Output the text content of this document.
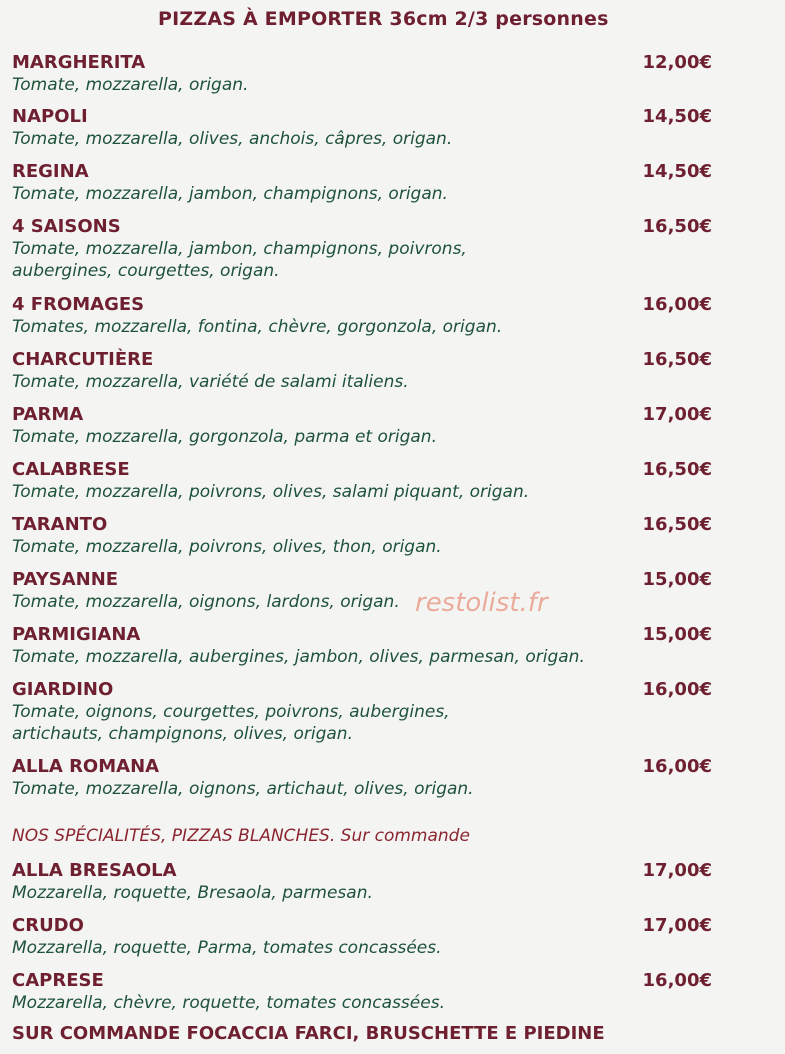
restolist.fr
PIZZAS À EMPORTER 36cm 2/3 personnes
MARGHERITA
Tomate, mozzarella, origan.
12,00€
NAPOLI
Tomate, mozzarella, olives, anchois, câpres, origan.
14,50€
REGINA
Tomate, mozzarella, jambon, champignons, origan.
14,50€
4 SAISONS
Tomate, mozzarella, jambon, champignons, poivrons,
aubergines, courgettes, origan.
16,50€
4 FROMAGES
Tomates, mozzarella, fontina, chèvre, gorgonzola, origan.
16,00€
CHARCUTIÈRE
Tomate, mozzarella, variété de salami italiens.
16,50€
PARMA
Tomate, mozzarella, gorgonzola, parma et origan.
17,00€
CALABRESE
Tomate, mozzarella, poivrons, olives, salami piquant, origan.
16,50€
TARANTO
Tomate, mozzarella, poivrons, olives, thon, origan.
16,50€
PAYSANNE
Tomate, mozzarella, oignons, lardons, origan.
15,00€
PARMIGIANA
Tomate, mozzarella, aubergines, jambon, olives, parmesan, origan.
15,00€
GIARDINO
Tomate, oignons, courgettes, poivrons, aubergines,
artichauts, champignons, olives, origan.
16,00€
ALLA ROMANA
Tomate, mozzarella, oignons, artichaut, olives, origan.
16,00€
NOS SPÉCIALITÉS, PIZZAS BLANCHES. Sur commande
ALLA BRESAOLA
Mozzarella, roquette, Bresaola, parmesan.
17,00€
CRUDO
Mozzarella, roquette, Parma, tomates concassées.
17,00€
CAPRESE
Mozzarella, chèvre, roquette, tomates concassées.
16,00€
SUR COMMANDE FOCACCIA FARCI, BRUSCHETTE E PIEDINE
